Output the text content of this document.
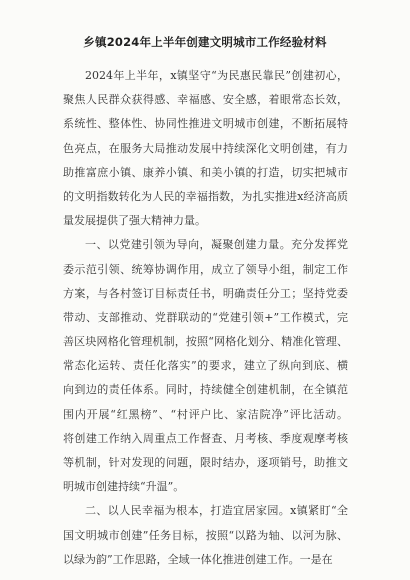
乡镇2024年上半年创建文明城市工作经验材料
2024年上半年，x镇坚守“为民惠民靠民”创建初心，
聚焦人民群众获得感、幸福感、安全感，着眼常态长效，
系统性、整体性、协同性推进文明城市创建，不断拓展特
色亮点，在服务大局推动发展中持续深化文明创建，有力
助推富庶小镇、康养小镇、和美小镇的打造，切实把城市
的文明指数转化为人民的幸福指数，为扎实推进x经济高质
量发展提供了强大精神力量。
一、以党建引领为导向，凝聚创建力量。充分发挥党
委示范引领、统筹协调作用，成立了领导小组，制定工作
方案，与各村签订目标责任书，明确责任分工；坚持党委
带动、支部推动、党群联动的“党建引领+”工作模式，完
善区块网格化管理机制，按照“网格化划分、精准化管理、
常态化运转、责任化落实”的要求，建立了纵向到底、横
向到边的责任体系。同时，持续健全创建机制，在全镇范
围内开展“红黑榜”、“村评户比、家洁院净”评比活动。
将创建工作纳入周重点工作督查、月考核、季度观摩考核
等机制，针对发现的问题，限时结办，逐项销号，助推文
明城市创建持续“升温”。
二、以人民幸福为根本，打造宜居家园。x镇紧盯“全
国文明城市创建”任务目标，按照“以路为轴、以河为脉、
以绿为韵”工作思路，全域一体化推进创建工作。一是在
